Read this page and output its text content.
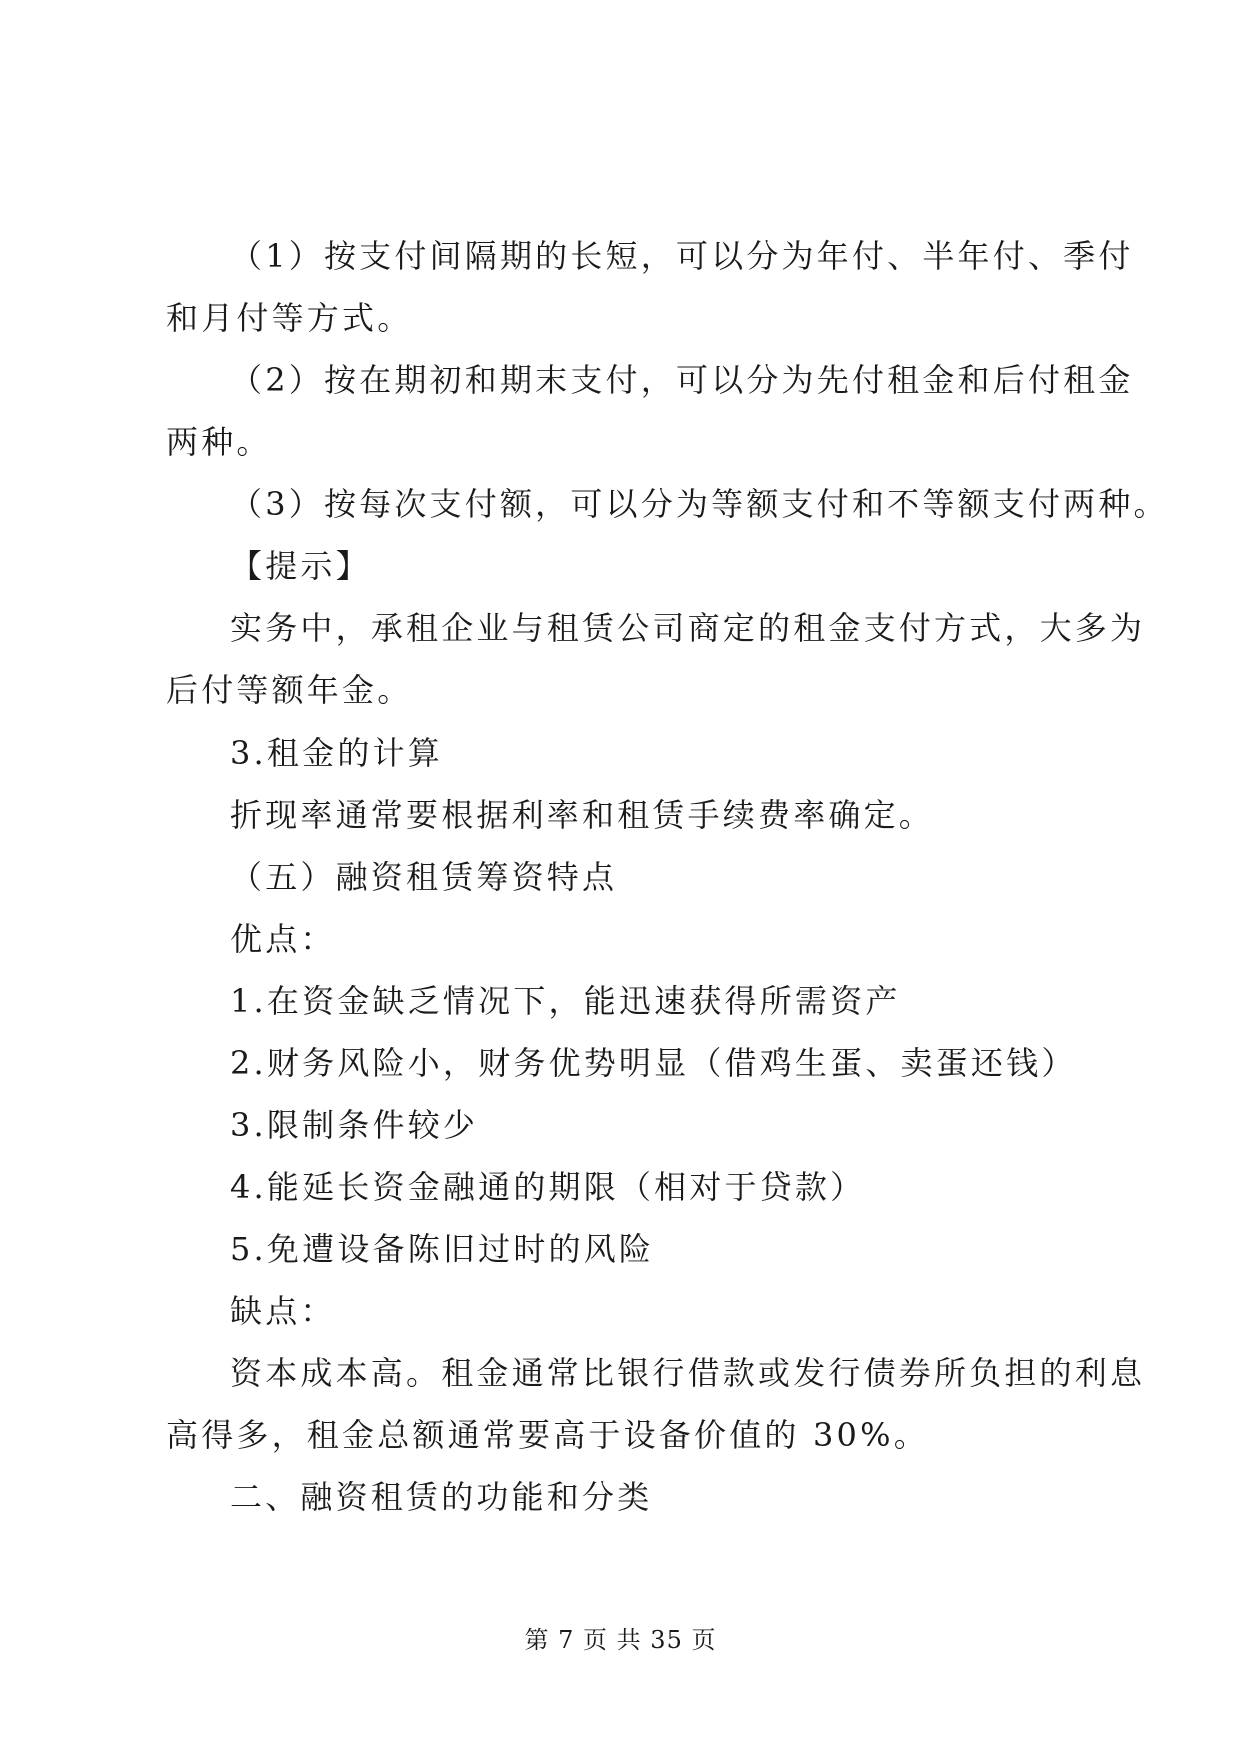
（1）按支付间隔期的长短，可以分为年付、半年付、季付
和月付等方式。
（2）按在期初和期末支付，可以分为先付租金和后付租金
两种。
（3）按每次支付额，可以分为等额支付和不等额支付两种。
【提示】
实务中，承租企业与租赁公司商定的租金支付方式，大多为
后付等额年金。
3.租金的计算
折现率通常要根据利率和租赁手续费率确定。
（五）融资租赁筹资特点
优点：
1.在资金缺乏情况下，能迅速获得所需资产
2.财务风险小，财务优势明显（借鸡生蛋、卖蛋还钱）
3.限制条件较少
4.能延长资金融通的期限（相对于贷款）
5.免遭设备陈旧过时的风险
缺点：
资本成本高。租金通常比银行借款或发行债券所负担的利息
高得多，租金总额通常要高于设备价值的 30%。
二、融资租赁的功能和分类
第 7 页 共 35 页
